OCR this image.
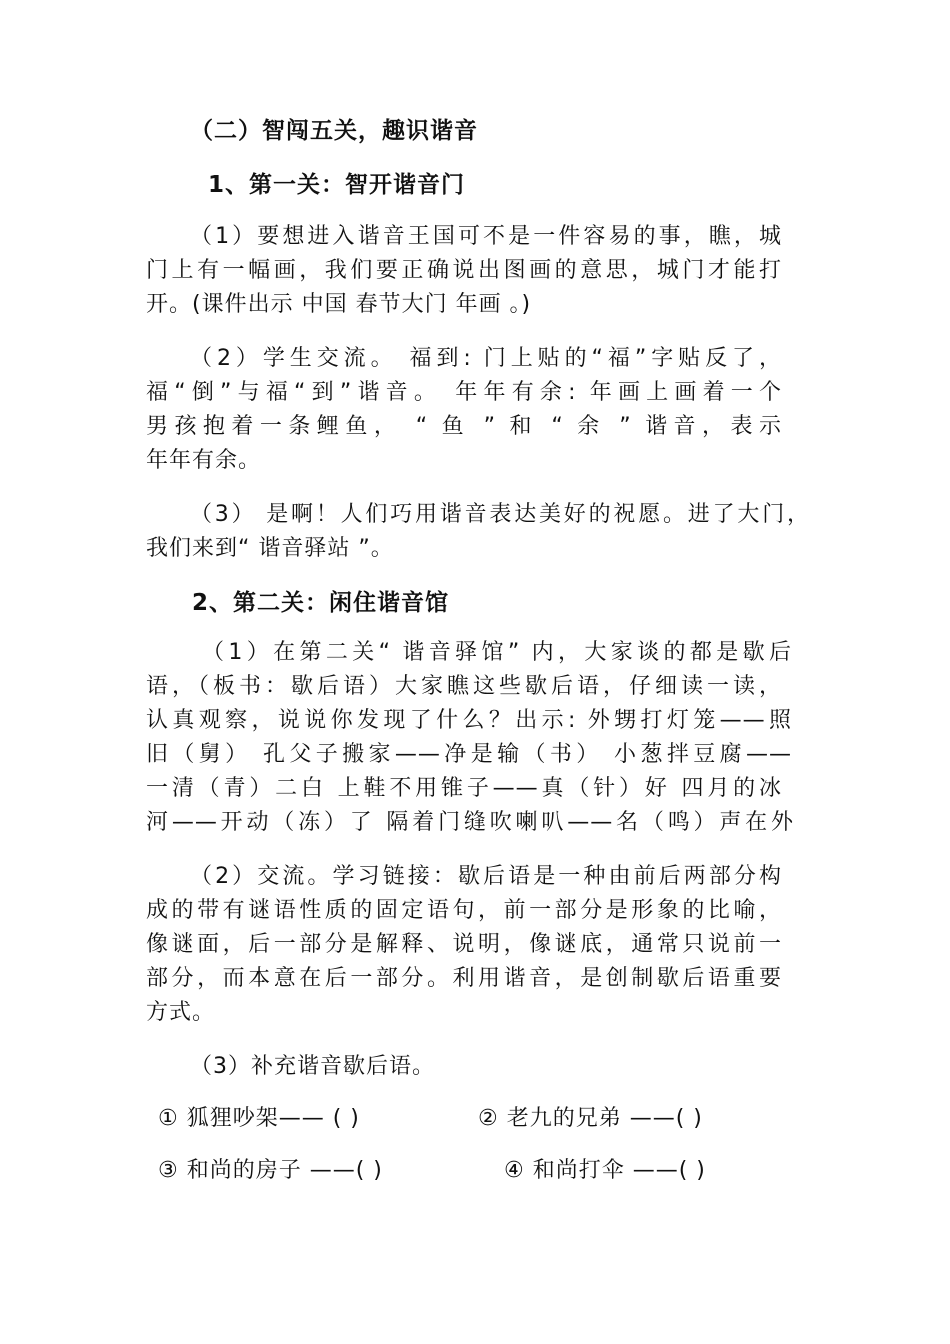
（二）智闯五关，趣识谐音
1、第一关：智开谐音门
（1）要想进入谐音王国可不是一件容易的事，瞧，城
门上有一幅画，我们要正确说出图画的意思，城门才能打
开。(课件出示 中国 春节大门 年画 。)
（2）学生交流。 福到: 门上贴的“福”字贴反了，
福“倒”与福“到”谐音。 年年有余: 年画上画着一个
男孩抱着一条鲤鱼， “ 鱼 ” 和 “ 余 ” 谐音，表示
年年有余。
（3） 是啊！人们巧用谐音表达美好的祝愿。进了大门，
我们来到“ 谐音驿站 ”。
2、第二关：闲住谐音馆
（1）在第二关“ 谐音驿馆” 内，大家谈的都是歇后
语，（板书：歇后语）大家瞧这些歇后语，仔细读一读，
认真观察，说说你发现了什么？出示: 外甥打灯笼——照
旧（舅） 孔父子搬家——净是输（书） 小葱拌豆腐——
一清（青）二白 上鞋不用锥子——真（针）好 四月的冰
河——开动（冻）了 隔着门缝吹喇叭——名（鸣）声在外
（2）交流。学习链接：歇后语是一种由前后两部分构
成的带有谜语性质的固定语句，前一部分是形象的比喻，
像谜面，后一部分是解释、说明，像谜底，通常只说前一
部分，而本意在后一部分。利用谐音，是创制歇后语重要
方式。
（3）补充谐音歇后语。
① 狐狸吵架—— ( )	② 老九的兄弟 ——( )
③ 和尚的房子 ——( )	④ 和尚打伞 ——( )
